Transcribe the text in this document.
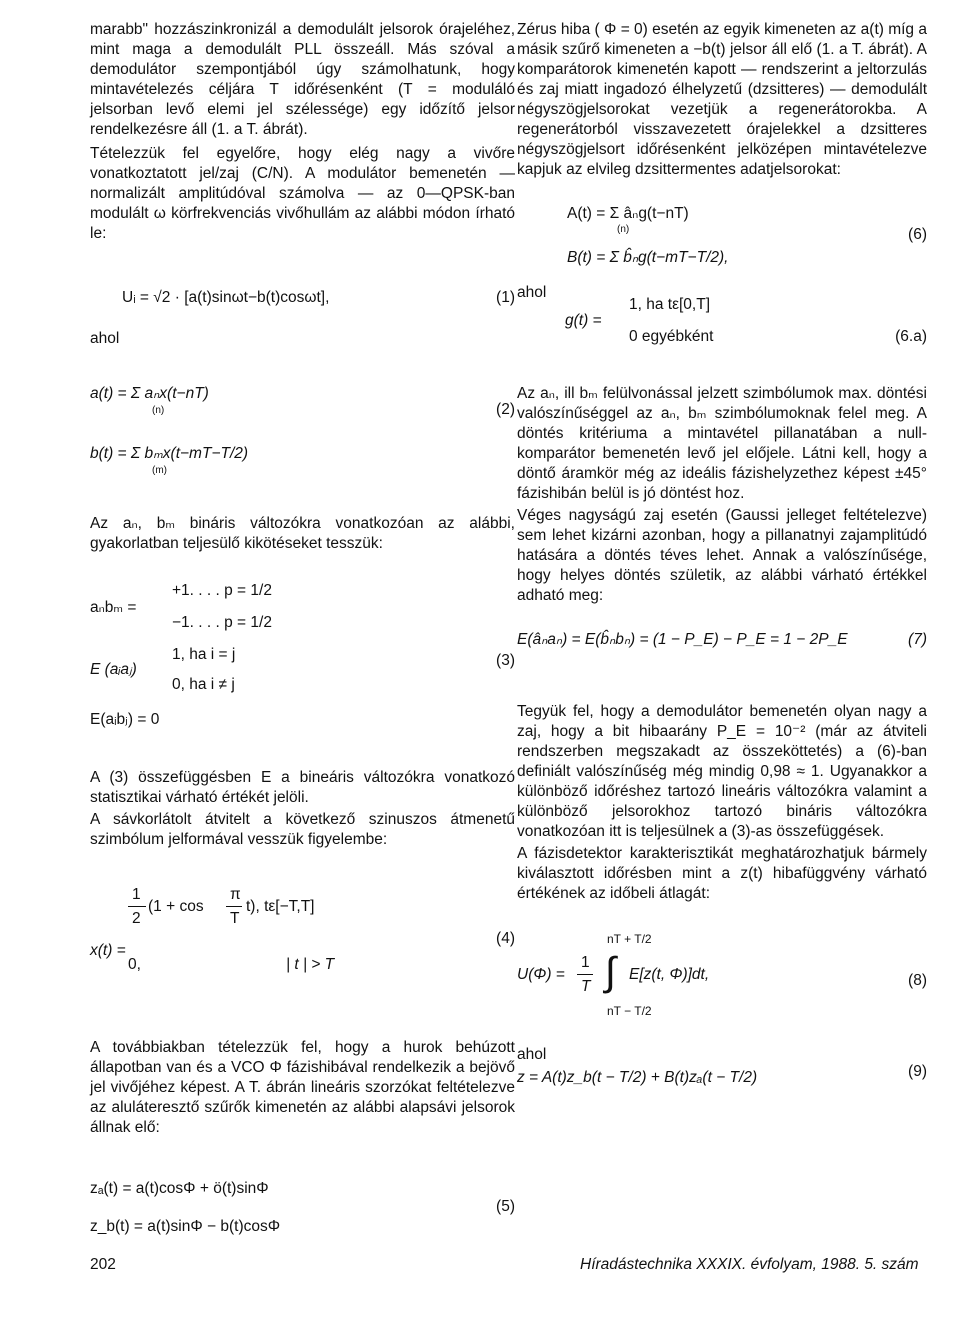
marabb" hozzászinkronizál a demodulált jelsorok órajeléhez, mint maga a demodulált PLL összeáll. Más szóval a demodulátor szempontjából úgy számolhatunk, hogy mintavételezés céljára T időrésenként (T = moduláló jelsorban levő elemi jel szélessége) egy időzítő jelsor rendelkezésre áll (1. a T. ábrát).

Tételezzük fel egyelőre, hogy elég nagy a vivőre vonatkoztatott jel/zaj (C/N). A modulátor bemenetén — normalizált amplitúdóval számolva — az 0—QPSK-ban modulált ω körfrekvenciás vivőhullám az alábbi módon írható le:

Uᵢ = √2 · [a(t)sinωt−b(t)cosωt],	(1)
ahol
a(t) = Σ aₙx(t−nT)
(n)	(2)
b(t) = Σ bₘx(t−mT−T/2)
(m)

Az aₙ, bₘ bináris változókra vonatkozóan az alábbi, gyakorlatban teljesülő kikötéseket tesszük:

+1. . . . p = 1/2
aₙbₘ =
−1. . . . p = 1/2
1, ha i = j
E (aᵢaⱼ)
0, ha i ≠ j
(3)
E(aᵢbⱼ) = 0

A (3) összefüggésben E a bineáris változókra vonatkozó statisztikai várható értékét jelöli.

A sávkorlátolt átvitelt a következő szinuszos átmenetű szimbólum jelformával vesszük figyelembe:

1
2
(1 + cos
π
T
t), tε[−T,T]
x(t) =
0,	| t | > T
(4)

A továbbiakban tételezzük fel, hogy a hurok behúzott állapotban van és a VCO Φ fázishibával rendelkezik a bejövő jel vivőjéhez képest. A T. ábrán lineáris szorzókat feltételezve az aluláteresztő szűrők kimenetén az alábbi alapsávi jelsorok állnak elő:

zₐ(t) = a(t)cosΦ + ö(t)sinΦ
(5)
z_b(t) = a(t)sinΦ − b(t)cosΦ

Zérus hiba ( Φ = 0) esetén az egyik kimeneten az a(t) míg a másik szűrő kimeneten a −b(t) jelsor áll elő (1. a T. ábrát). A komparátorok kimenetén kapott — rendszerint a jeltorzulás és zaj miatt ingadozó élhelyzetű (dzsitteres) — demodulált négyszögjelsorokat vezetjük a regenerátorokba. A regenerátorból visszavezetett órajelekkel a dzsitteres négyszögjelsort időrésenként jelközépen mintavételezve kapjuk az elvileg dzsittermentes adatjelsorokat:

A(t) = Σ âₙg(t−nT)
(n)	(6)
B(t) = Σ b̂ₙg(t−mT−T/2),
ahol
1, ha tε[0,T]
g(t) =
0 egyébként	(6.a)

Az aₙ, ill bₘ felülvonással jelzett szimbólumok max. döntési valószínűséggel az aₙ, bₘ szimbólumoknak felel meg. A döntés kritériuma a mintavétel pillanatában a null-komparátor bemenetén levő jel előjele. Látni kell, hogy a döntő áramkör még az ideális fázishelyzethez képest ±45° fázishibán belül is jó döntést hoz.

Véges nagyságú zaj esetén (Gaussi jelleget feltételezve) sem lehet kizárni azonban, hogy a pillanatnyi zajamplitúdó hatására a döntés téves lehet. Annak a valószínűsége, hogy helyes döntés születik, az alábbi várható értékkel adható meg:

E(âₙaₙ) = E(b̂ₙbₙ) = (1 − P_E) − P_E = 1 − 2P_E	(7)

Tegyük fel, hogy a demodulátor bemenetén olyan nagy a zaj, hogy a bit hibaarány P_E = 10⁻² (már az átviteli rendszerben megszakadt az összeköttetés) a (6)-ban definiált valószínűség még mindig 0,98 ≈ 1. Ugyanakkor a különböző időréshez tartozó lineáris változókra valamint a különböző jelsorokhoz tartozó bináris változókra vonatkozóan itt is teljesülnek a (3)-as összefüggések.

A fázisdetektor karakterisztikát meghatározhatjuk bármely kiválasztott időrésben mint a z(t) hibafüggvény várható értékének az időbeli átlagát:

nT + T/2
U(Φ) =
1
T ∫ E[z(t, Φ)]dt,
nT − T/2
(8)
ahol
z = A(t)z_b(t − T/2) + B(t)zₐ(t − T/2)	(9)
202	Híradástechnika XXXIX. évfolyam, 1988. 5. szám
